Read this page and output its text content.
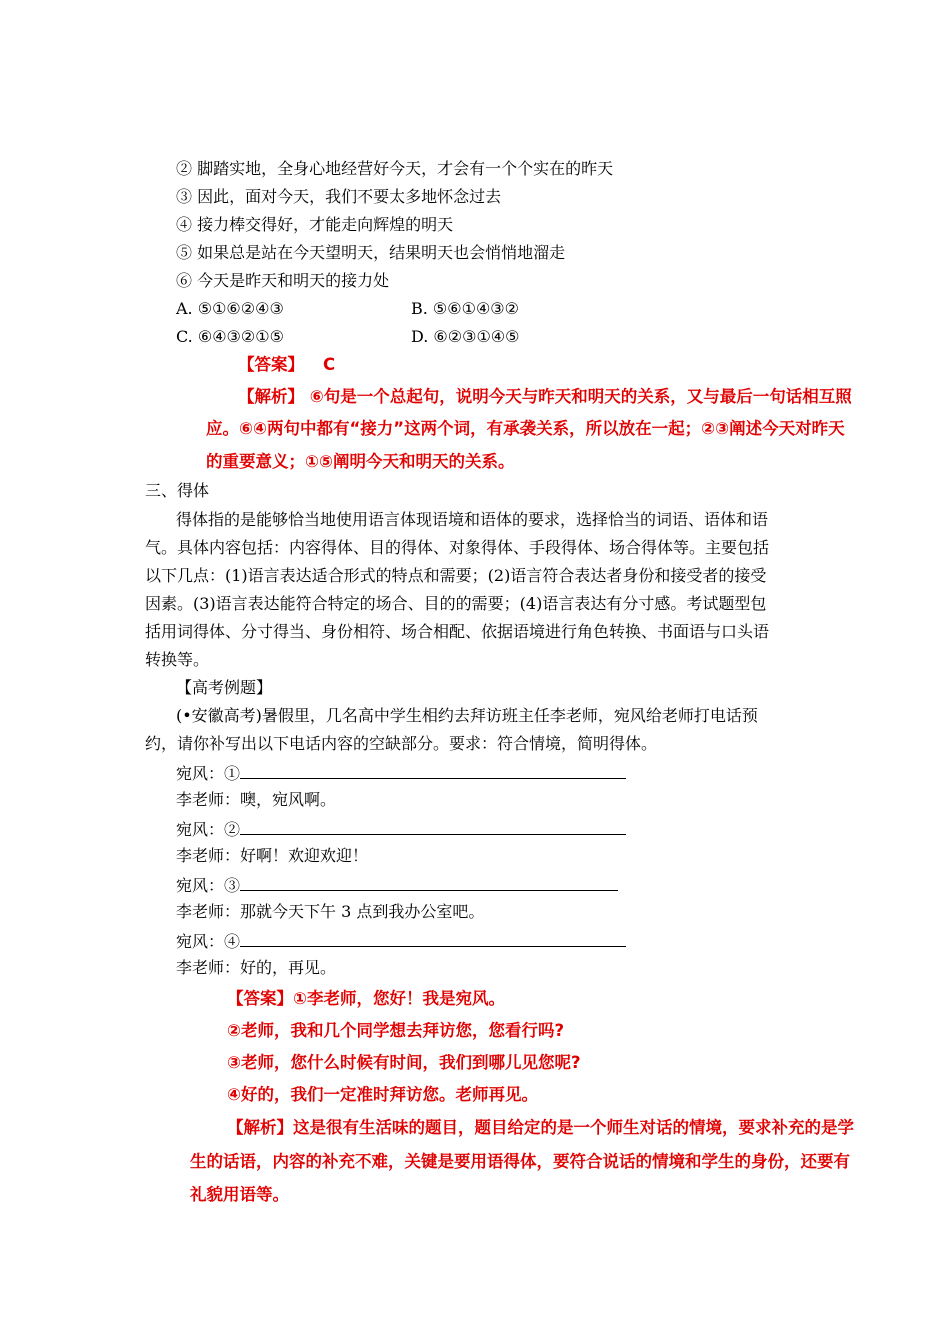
② 脚踏实地，全身心地经营好今天，才会有一个个实在的昨天
③ 因此，面对今天，我们不要太多地怀念过去
④ 接力棒交得好，才能走向辉煌的明天
⑤ 如果总是站在今天望明天，结果明天也会悄悄地溜走
⑥ 今天是昨天和明天的接力处
A. ⑤①⑥②④③	B. ⑤⑥①④③②
C. ⑥④③②①⑤	D. ⑥②③①④⑤
【答案】 C
【解析】 ⑥句是一个总起句，说明今天与昨天和明天的关系，又与最后一句话相互照
应。⑥④两句中都有“接力”这两个词，有承袭关系，所以放在一起；②③阐述今天对昨天
的重要意义；①⑤阐明今天和明天的关系。
三、得体
得体指的是能够恰当地使用语言体现语境和语体的要求，选择恰当的词语、语体和语
气。具体内容包括：内容得体、目的得体、对象得体、手段得体、场合得体等。主要包括
以下几点：(1)语言表达适合形式的特点和需要；(2)语言符合表达者身份和接受者的接受
因素。(3)语言表达能符合特定的场合、目的的需要；(4)语言表达有分寸感。考试题型包
括用词得体、分寸得当、身份相符、场合相配、依据语境进行角色转换、书面语与口头语
转换等。
【高考例题】
(•安徽高考)暑假里，几名高中学生相约去拜访班主任李老师，宛风给老师打电话预
约，请你补写出以下电话内容的空缺部分。要求：符合情境，简明得体。
宛风：①
李老师：噢，宛风啊。
宛风：②
李老师：好啊！欢迎欢迎！
宛风：③
李老师：那就今天下午 3 点到我办公室吧。
宛风：④
李老师：好的，再见。
【答案】①李老师，您好！我是宛风。
②老师，我和几个同学想去拜访您，您看行吗?
③老师，您什么时候有时间，我们到哪儿见您呢?
④好的，我们一定准时拜访您。老师再见。
【解析】这是很有生活味的题目，题目给定的是一个师生对话的情境，要求补充的是学
生的话语，内容的补充不难，关键是要用语得体，要符合说话的情境和学生的身份，还要有
礼貌用语等。
